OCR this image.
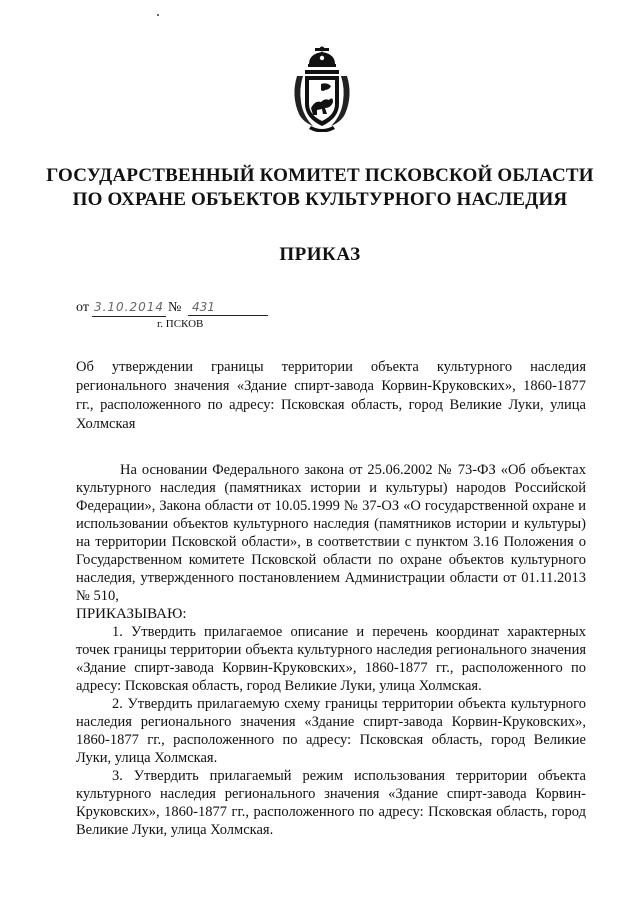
ГОСУДАРСТВЕННЫЙ КОМИТЕТ ПСКОВСКОЙ ОБЛАСТИ
ПО ОХРАНЕ ОБЪЕКТОВ КУЛЬТУРНОГО НАСЛЕДИЯ
ПРИКАЗ
от 3.10.2014 № 431
г. ПСКОВ
Об утверждении границы территории объекта культурного наследия регионального значения «Здание спирт-завода Корвин-Круковских», 1860-1877 гг., расположенного по адресу: Псковская область, город Великие Луки, улица Холмская

На основании Федерального закона от 25.06.2002 № 73-ФЗ «Об объектах культурного наследия (памятниках истории и культуры) народов Российской Федерации», Закона области от 10.05.1999 № 37-ОЗ «О государственной охране и использовании объектов культурного наследия (памятников истории и культуры) на территории Псковской области», в соответствии с пунктом 3.16 Положения о Государственном комитете Псковской области по охране объектов культурного наследия, утвержденного постановлением Администрации области от 01.11.2013 № 510,

ПРИКАЗЫВАЮ:

1. Утвердить прилагаемое описание и перечень координат характерных точек границы территории объекта культурного наследия регионального значения «Здание спирт-завода Корвин-Круковских», 1860-1877 гг., расположенного по адресу: Псковская область, город Великие Луки, улица Холмская.

2. Утвердить прилагаемую схему границы территории объекта культурного наследия регионального значения «Здание спирт-завода Корвин-Круковских», 1860-1877 гг., расположенного по адресу: Псковская область, город Великие Луки, улица Холмская.

3. Утвердить прилагаемый режим использования территории объекта культурного наследия регионального значения «Здание спирт-завода Корвин-Круковских», 1860-1877 гг., расположенного по адресу: Псковская область, город Великие Луки, улица Холмская.
